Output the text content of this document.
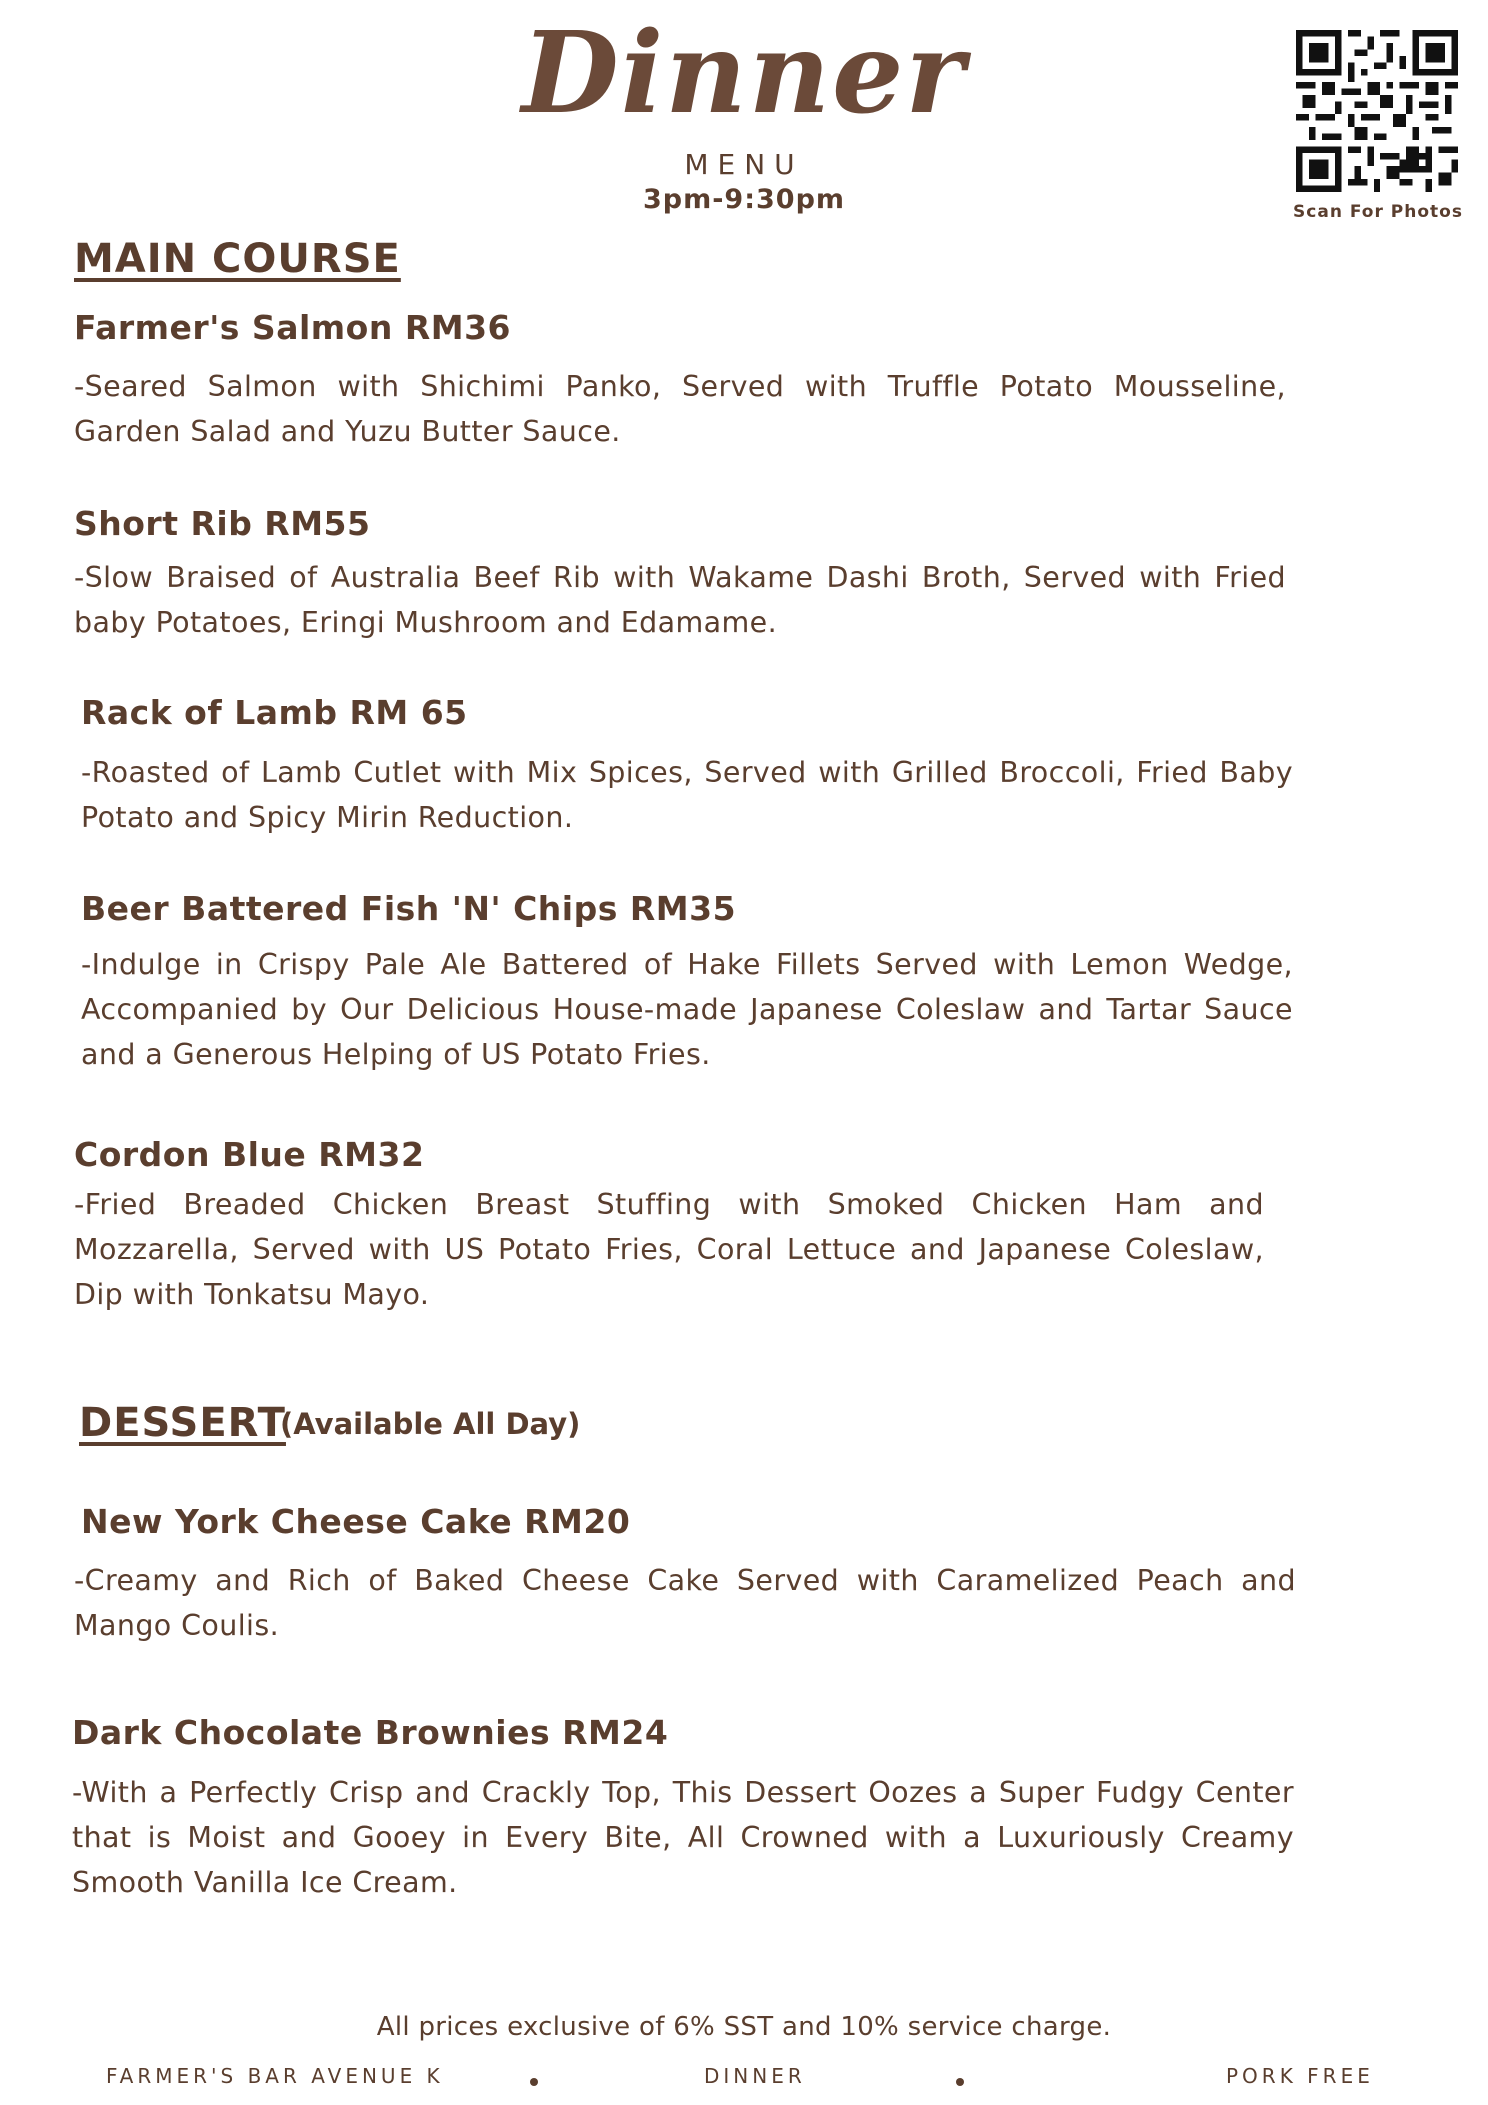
Dinner
MENU
3pm-9:30pm	Scan For Photos
MAIN COURSE
Farmer's Salmon RM36
-Seared Salmon with Shichimi Panko, Served with Truffle Potato Mousseline, Garden Salad and Yuzu Butter Sauce.
Short Rib RM55
-Slow Braised of Australia Beef Rib with Wakame Dashi Broth, Served with Fried baby Potatoes, Eringi Mushroom and Edamame.
Rack of Lamb RM 65
-Roasted of Lamb Cutlet with Mix Spices, Served with Grilled Broccoli, Fried Baby Potato and Spicy Mirin Reduction.
Beer Battered Fish 'N' Chips RM35
-Indulge in Crispy Pale Ale Battered of Hake Fillets Served with Lemon Wedge, Accompanied by Our Delicious House-made Japanese Coleslaw and Tartar Sauce and a Generous Helping of US Potato Fries.
Cordon Blue RM32
-Fried Breaded Chicken Breast Stuffing with Smoked Chicken Ham and Mozzarella, Served with US Potato Fries, Coral Lettuce and Japanese Coleslaw, Dip with Tonkatsu Mayo.
DESSERT
(Available All Day)
New York Cheese Cake RM20
-Creamy and Rich of Baked Cheese Cake Served with Caramelized Peach and Mango Coulis.
Dark Chocolate Brownies RM24
-With a Perfectly Crisp and Crackly Top, This Dessert Oozes a Super Fudgy Center that is Moist and Gooey in Every Bite, All Crowned with a Luxuriously Creamy Smooth Vanilla Ice Cream.
All prices exclusive of 6% SST and 10% service charge.
FARMER'S BAR AVENUE K	DINNER	PORK FREE
